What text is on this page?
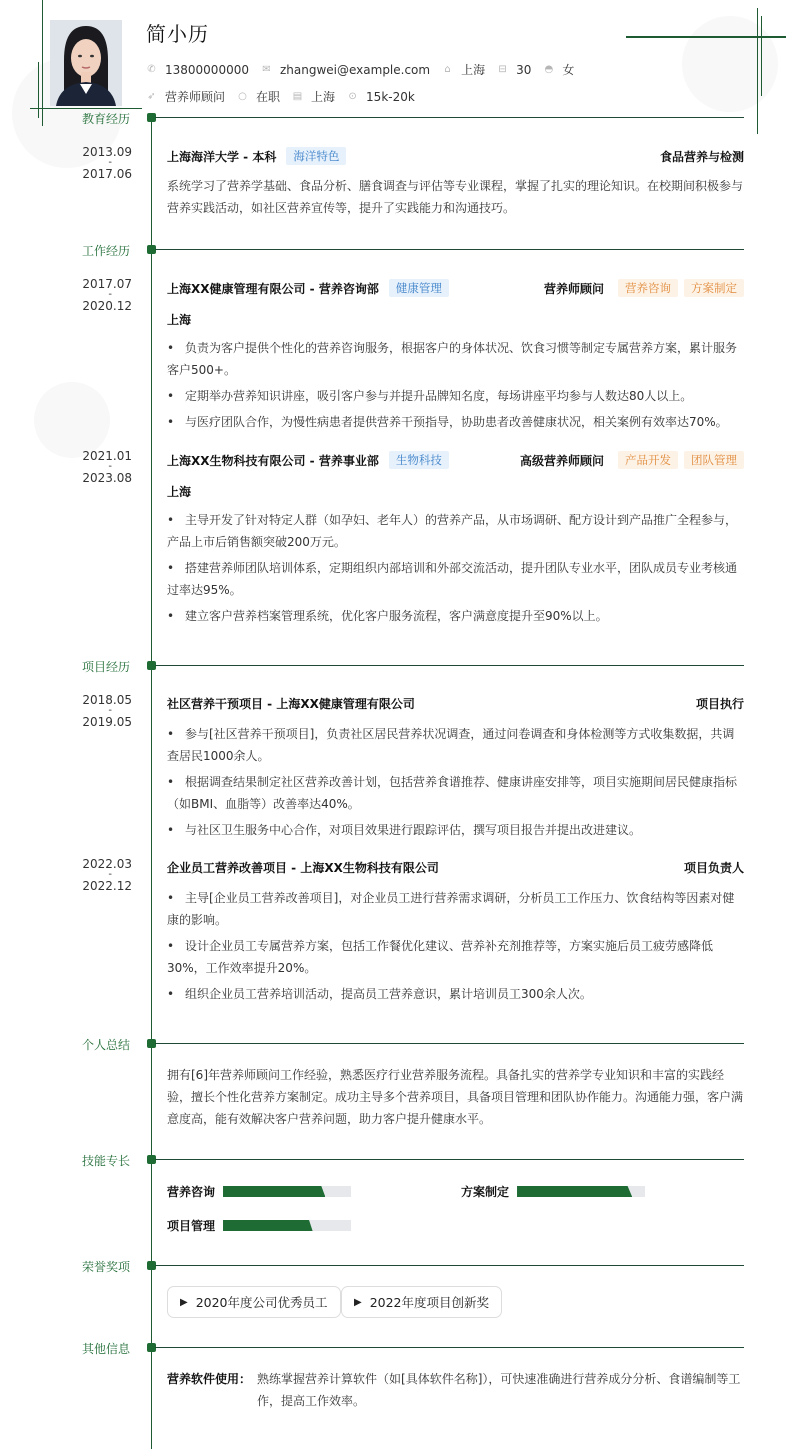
简小历
✆ 13800000000 ✉ zhangwei@example.com ⌂ 上海 ⊟ 30 ◓ 女
➶ 营养师顾问 ○ 在职 ▤ 上海 ⊙ 15k-20k
教育经历
2013.09
-
2017.06
上海海洋大学 - 本科	海洋特色	食品营养与检测
系统学习了营养学基础、食品分析、膳食调查与评估等专业课程，掌握了扎实的理论知识。在校期间积极参与营养实践活动，如社区营养宣传等，提升了实践能力和沟通技巧。
工作经历
2017.07
-
2020.12
上海XX健康管理有限公司 - 营养咨询部	健康管理	营养师顾问	营养咨询	方案制定
上海
• 负责为客户提供个性化的营养咨询服务，根据客户的身体状况、饮食习惯等制定专属营养方案，累计服务客户500+。
• 定期举办营养知识讲座，吸引客户参与并提升品牌知名度，每场讲座平均参与人数达80人以上。
• 与医疗团队合作，为慢性病患者提供营养干预指导，协助患者改善健康状况，相关案例有效率达70%。
2021.01
-
2023.08
上海XX生物科技有限公司 - 营养事业部	生物科技	高级营养师顾问	产品开发	团队管理
上海
• 主导开发了针对特定人群（如孕妇、老年人）的营养产品，从市场调研、配方设计到产品推广全程参与，产品上市后销售额突破200万元。
• 搭建营养师团队培训体系，定期组织内部培训和外部交流活动，提升团队专业水平，团队成员专业考核通过率达95%。
• 建立客户营养档案管理系统，优化客户服务流程，客户满意度提升至90%以上。
项目经历
2018.05
-
2019.05
社区营养干预项目 - 上海XX健康管理有限公司	项目执行
• 参与[社区营养干预项目]，负责社区居民营养状况调查，通过问卷调查和身体检测等方式收集数据，共调查居民1000余人。
• 根据调查结果制定社区营养改善计划，包括营养食谱推荐、健康讲座安排等，项目实施期间居民健康指标（如BMI、血脂等）改善率达40%。
• 与社区卫生服务中心合作，对项目效果进行跟踪评估，撰写项目报告并提出改进建议。
2022.03
-
2022.12
企业员工营养改善项目 - 上海XX生物科技有限公司	项目负责人
• 主导[企业员工营养改善项目]，对企业员工进行营养需求调研，分析员工工作压力、饮食结构等因素对健康的影响。
• 设计企业员工专属营养方案，包括工作餐优化建议、营养补充剂推荐等，方案实施后员工疲劳感降低30%，工作效率提升20%。
• 组织企业员工营养培训活动，提高员工营养意识，累计培训员工300余人次。
个人总结
拥有[6]年营养师顾问工作经验，熟悉医疗行业营养服务流程。具备扎实的营养学专业知识和丰富的实践经验，擅长个性化营养方案制定。成功主导多个营养项目，具备项目管理和团队协作能力。沟通能力强，客户满意度高，能有效解决客户营养问题，助力客户提升健康水平。
技能专长
营养咨询	方案制定
项目管理
荣誉奖项
▶ 2020年度公司优秀员工	▶ 2022年度项目创新奖
其他信息
营养软件使用： 熟练掌握营养计算软件（如[具体软件名称]），可快速准确进行营养成分分析、食谱编制等工作，提高工作效率。
